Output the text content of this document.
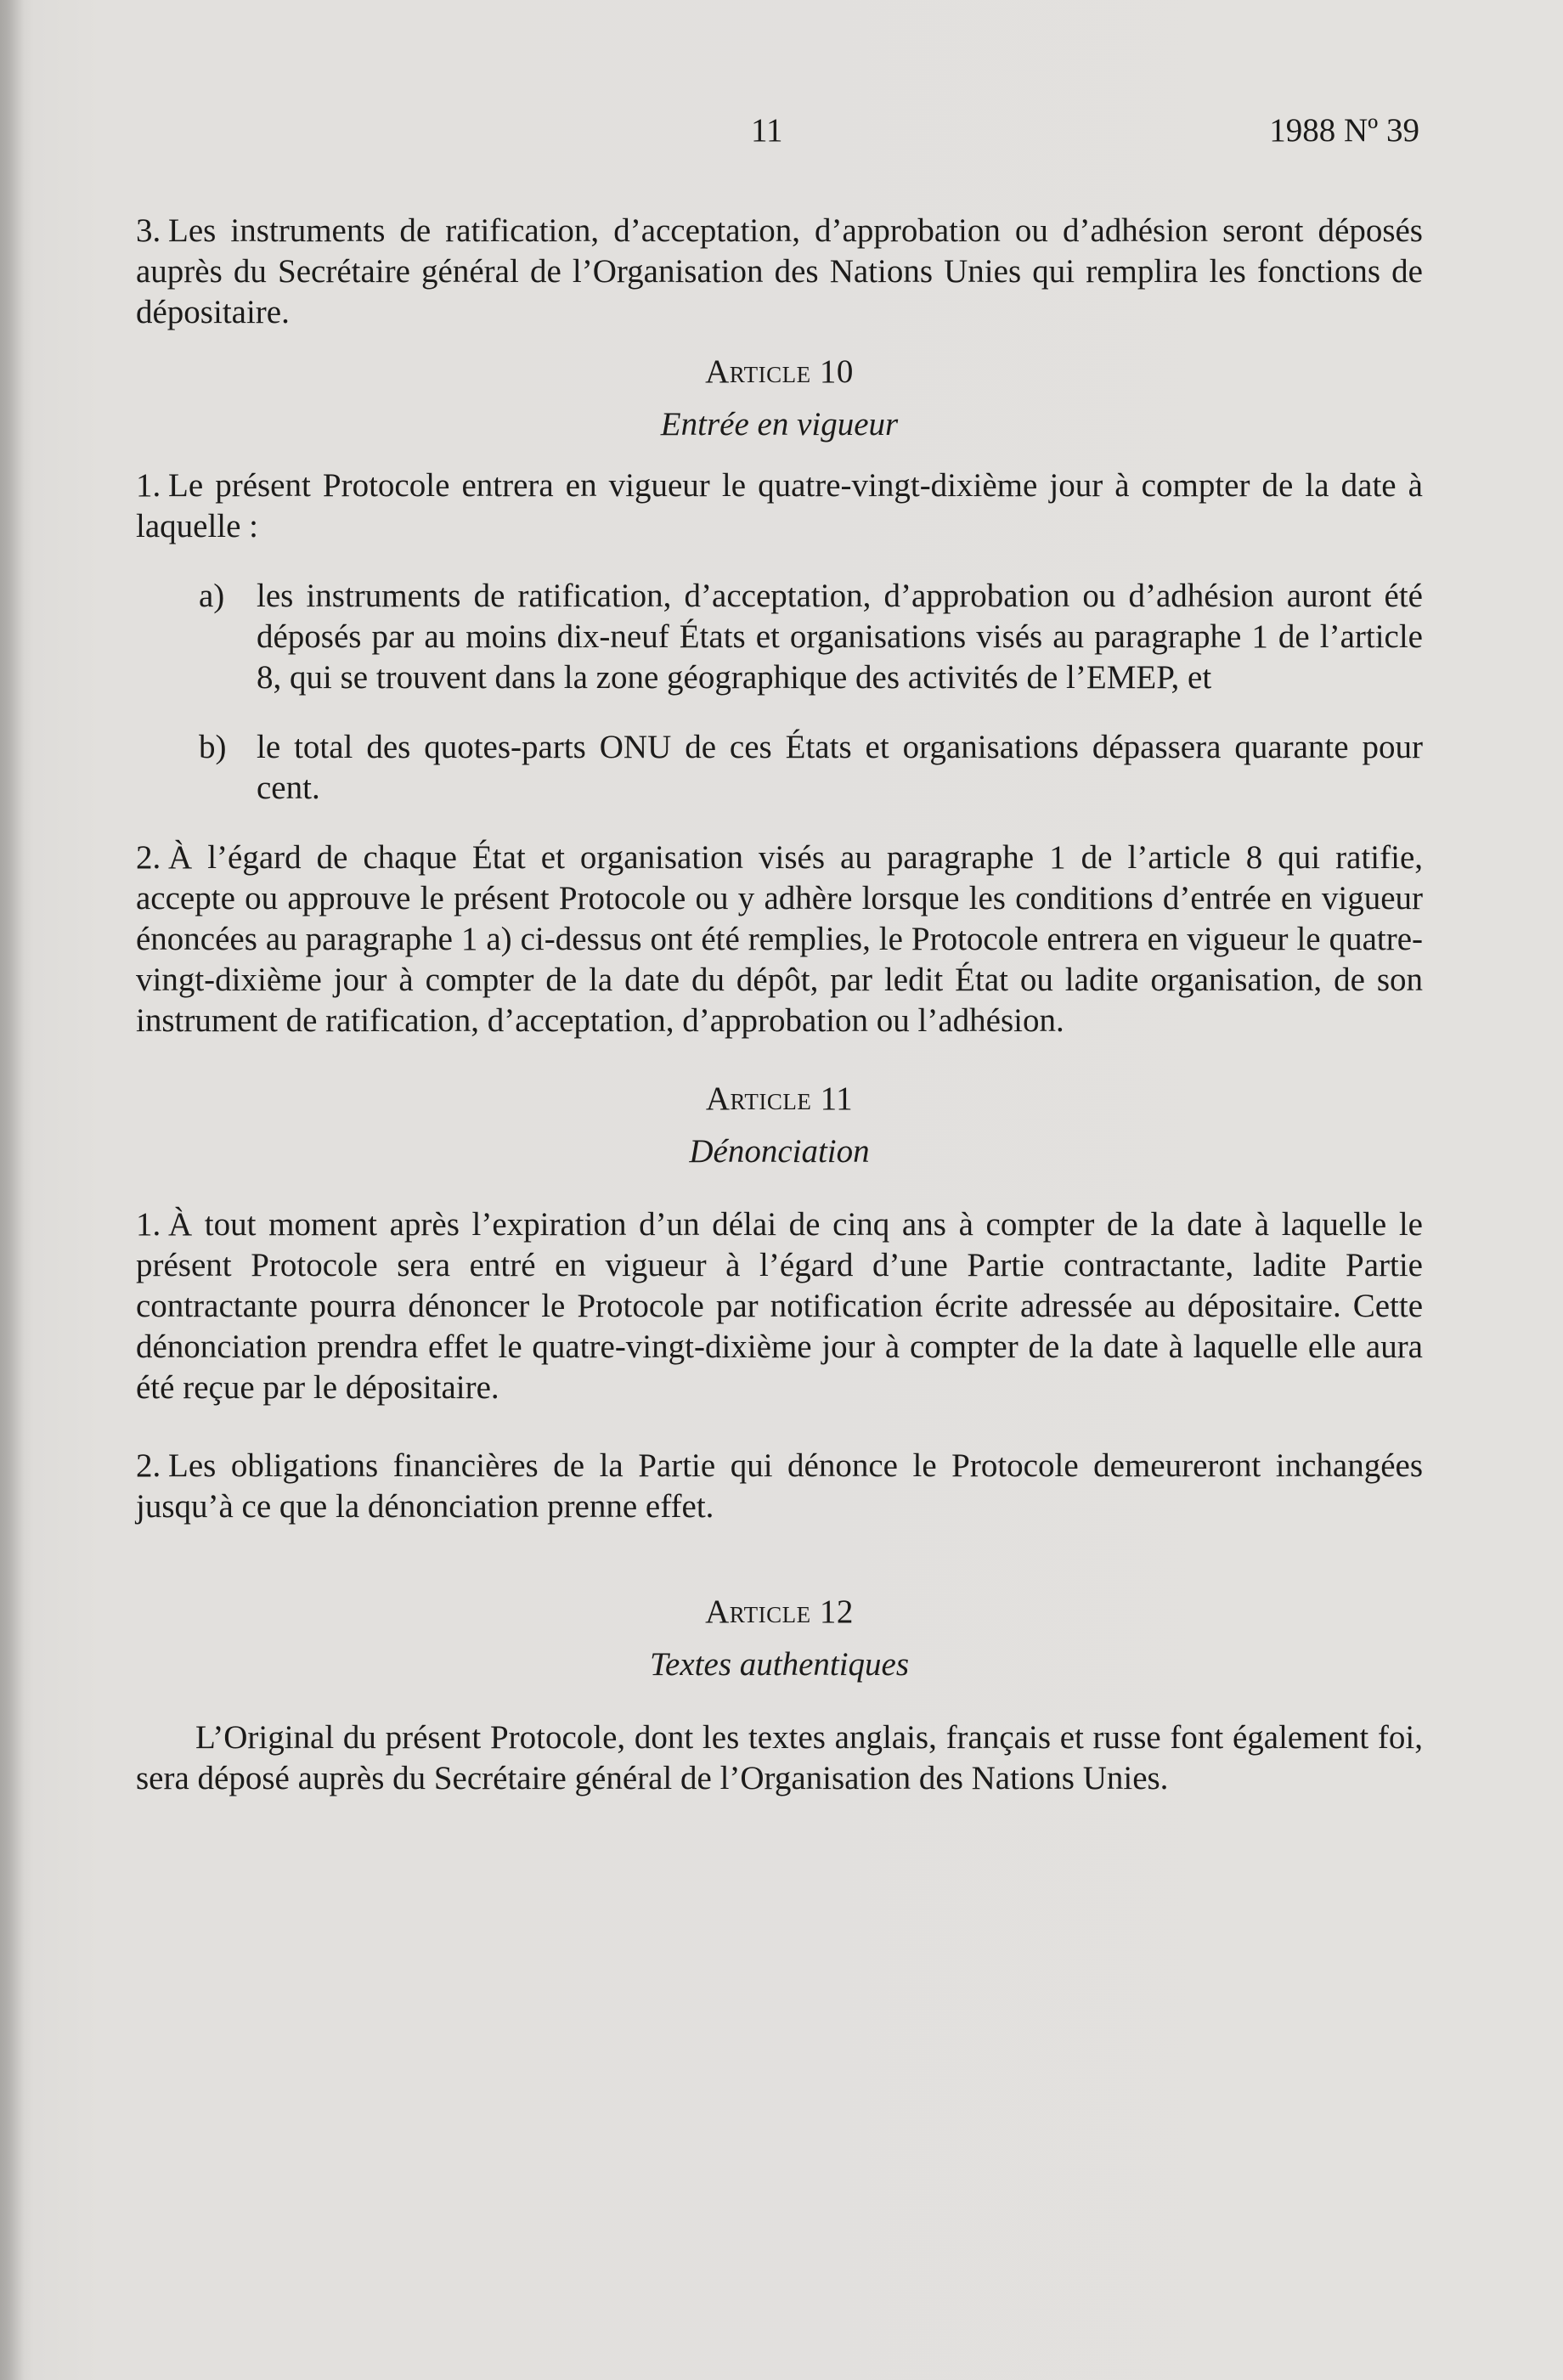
11	1988 Nº 39

3. Les instruments de ratification, d’acceptation, d’approbation ou d’adhésion seront déposés auprès du Secrétaire général de l’Organisation des Nations Unies qui remplira les fonctions de dépositaire.

Article 10

Entrée en vigueur

1. Le présent Protocole entrera en vigueur le quatre-vingt-dixième jour à compter de la date à laquelle :

a) les instruments de ratification, d’acceptation, d’approbation ou d’adhésion auront été déposés par au moins dix-neuf États et organisations visés au paragraphe 1 de l’article 8, qui se trouvent dans la zone géographique des activités de l’EMEP, et
b) le total des quotes-parts ONU de ces États et organisations dépassera quarante pour cent.

2. À l’égard de chaque État et organisation visés au paragraphe 1 de l’article 8 qui ratifie, accepte ou approuve le présent Protocole ou y adhère lorsque les conditions d’entrée en vigueur énoncées au paragraphe 1 a) ci-dessus ont été remplies, le Protocole entrera en vigueur le quatre-vingt-dixième jour à compter de la date du dépôt, par ledit État ou ladite organisation, de son instrument de ratification, d’acceptation, d’approbation ou l’adhésion.

Article 11

Dénonciation

1. À tout moment après l’expiration d’un délai de cinq ans à compter de la date à laquelle le présent Protocole sera entré en vigueur à l’égard d’une Partie contractante, ladite Partie contractante pourra dénoncer le Protocole par notification écrite adressée au dépositaire. Cette dénonciation prendra effet le quatre-vingt-dixième jour à compter de la date à laquelle elle aura été reçue par le dépositaire.

2. Les obligations financières de la Partie qui dénonce le Protocole demeureront inchangées jusqu’à ce que la dénonciation prenne effet.

Article 12

Textes authentiques

L’Original du présent Protocole, dont les textes anglais, français et russe font également foi, sera déposé auprès du Secrétaire général de l’Organisation des Nations Unies.
